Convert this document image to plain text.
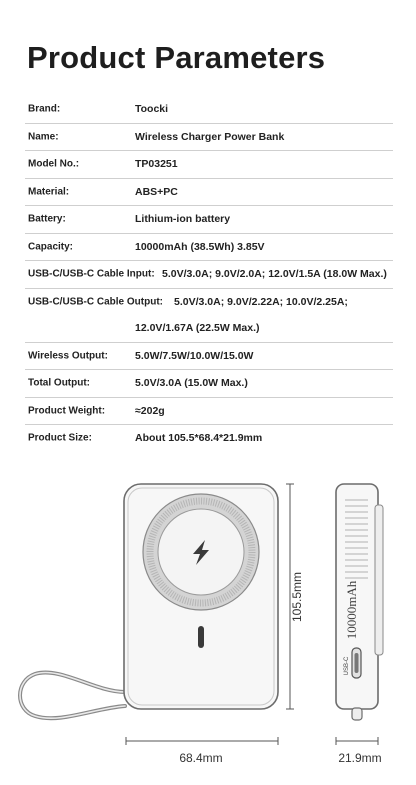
Product Parameters
Brand:	Toocki
Name:	Wireless Charger Power Bank
Model No.:	TP03251
Material:	ABS+PC
Battery:	Lithium-ion battery
Capacity:	10000mAh (38.5Wh) 3.85V
USB-C/USB-C Cable Input: 5.0V/3.0A; 9.0V/2.0A; 12.0V/1.5A (18.0W Max.)
USB-C/USB-C Cable Output: 5.0V/3.0A; 9.0V/2.22A; 10.0V/2.25A;
12.0V/1.67A (22.5W Max.)
Wireless Output:	5.0W/7.5W/10.0W/15.0W
Total Output:	5.0V/3.0A (15.0W Max.)
Product Weight:	≈202g
Product Size:	About 105.5*68.4*21.9mm
105.5mm	10000mAh
USB-C
68.4mm	21.9mm
